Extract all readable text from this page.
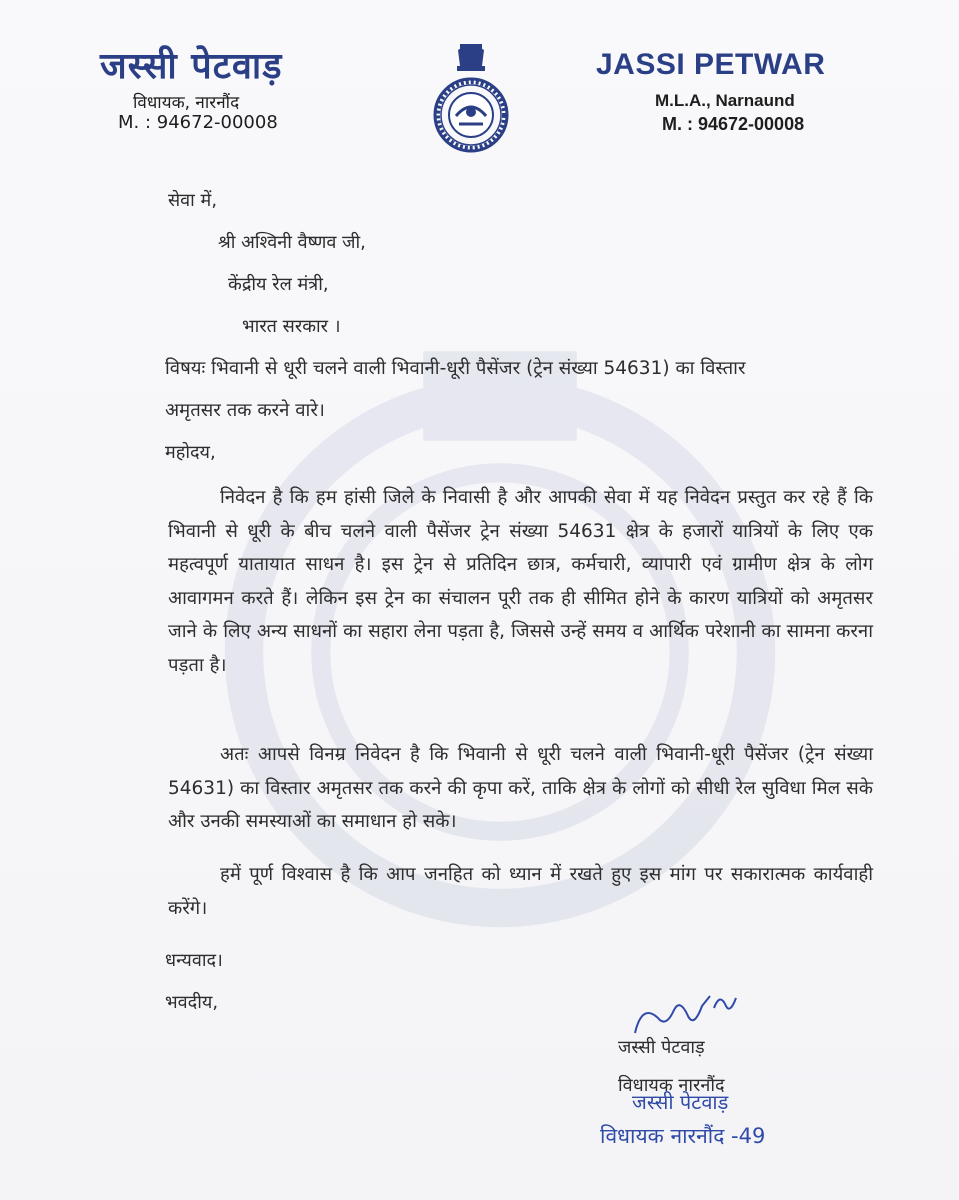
जस्सी पेटवाड़
विधायक, नारनौंद
M. : 94672-00008
JASSI PETWAR
M.L.A., Narnaund
M. : 94672-00008
सेवा में,
श्री अश्विनी वैष्णव जी,
केंद्रीय रेल मंत्री,
भारत सरकार ।
विषयः भिवानी से धूरी चलने वाली भिवानी-धूरी पैसेंजर (ट्रेन संख्या 54631) का विस्तार
अमृतसर तक करने वारे।
महोदय,
निवेदन है कि हम हांसी जिले के निवासी है और आपकी सेवा में यह निवेदन प्रस्तुत कर रहे हैं कि भिवानी से धूरी के बीच चलने वाली पैसेंजर ट्रेन संख्या 54631 क्षेत्र के हजारों यात्रियों के लिए एक महत्वपूर्ण यातायात साधन है। इस ट्रेन से प्रतिदिन छात्र, कर्मचारी, व्यापारी एवं ग्रामीण क्षेत्र के लोग आवागमन करते हैं। लेकिन इस ट्रेन का संचालन पूरी तक ही सीमित होने के कारण यात्रियों को अमृतसर जाने के लिए अन्य साधनों का सहारा लेना पड़ता है, जिससे उन्हें समय व आर्थिक परेशानी का सामना करना पड़ता है।
अतः आपसे विनम्र निवेदन है कि भिवानी से धूरी चलने वाली भिवानी-धूरी पैसेंजर (ट्रेन संख्या 54631) का विस्तार अमृतसर तक करने की कृपा करें, ताकि क्षेत्र के लोगों को सीधी रेल सुविधा मिल सके और उनकी समस्याओं का समाधान हो सके।
हमें पूर्ण विश्वास है कि आप जनहित को ध्यान में रखते हुए इस मांग पर सकारात्मक कार्यवाही करेंगे।
धन्यवाद।
भवदीय,
जस्सी पेटवाड़
विधायक नारनौंद
जस्सी पेटवाड़
विधायक नारनौंद -49
